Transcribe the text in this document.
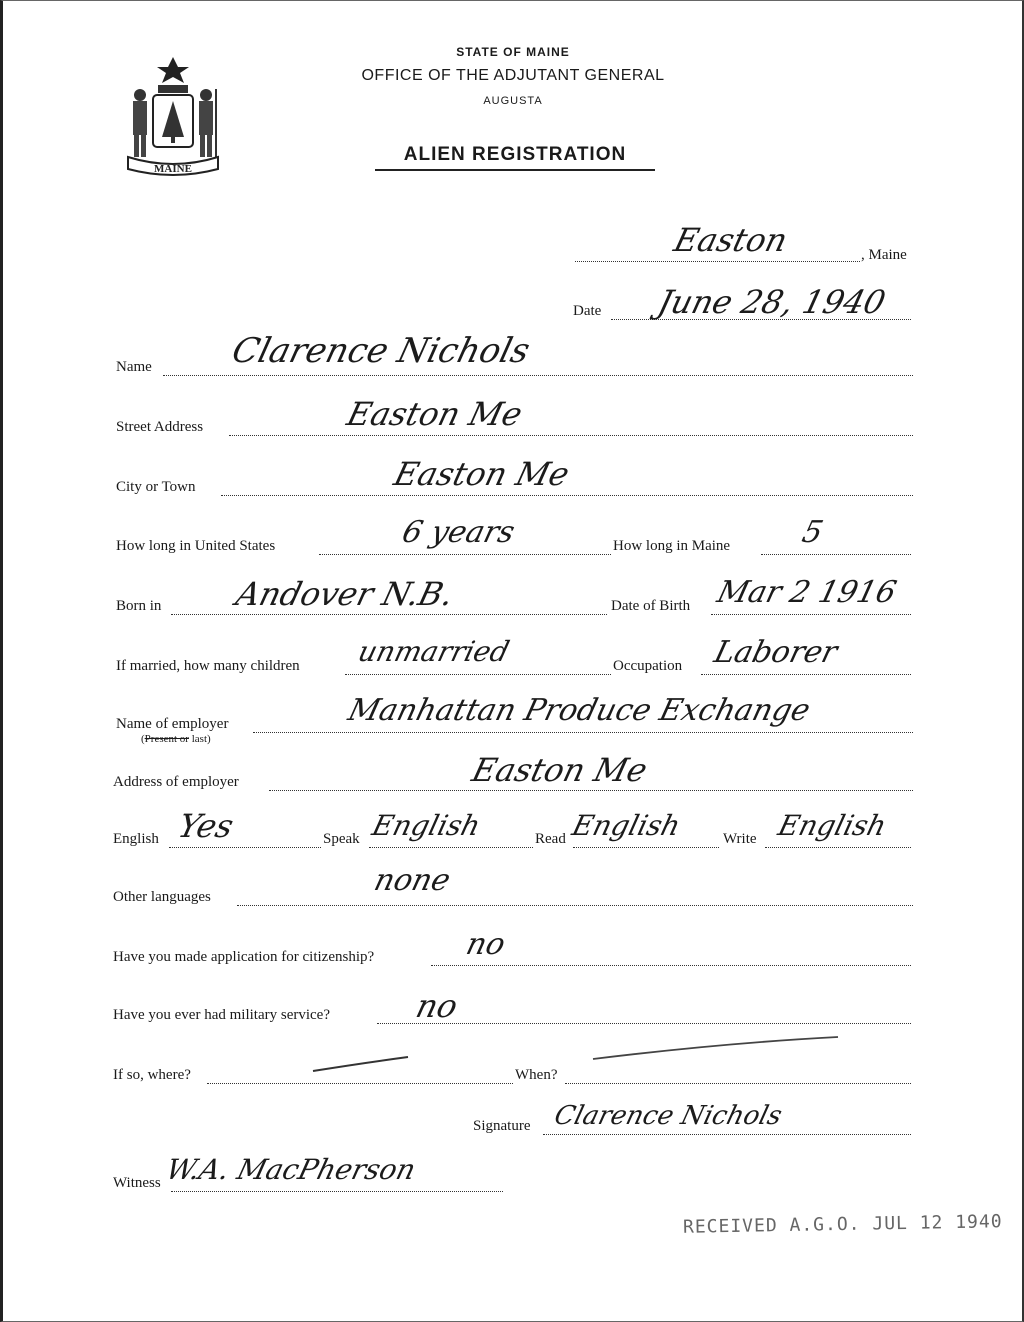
MAINE
STATE OF MAINE
OFFICE OF THE ADJUTANT GENERAL
AUGUSTA
ALIEN REGISTRATION
Easton	, Maine
Date June 28, 1940
Name Clarence Nichols
Street Address	Easton Me
City or Town	Easton Me
How long in United States	6 years	How long in Maine 5
Born in Andover N.B.	Date of Birth Mar 2 1916
If married, how many children unmarried	Occupation Laborer
Name of employer
(Present or last)
Manhattan Produce Exchange
Address of employer	Easton Me
English Yes	Speak English	Read English	Write English
Other languages	none
Have you made application for citizenship?	no
Have you ever had military service?	no
If so, where?	When?
Signature Clarence Nichols
Witness W.A. MacPherson
RECEIVED A.G.O. JUL 12 1940
